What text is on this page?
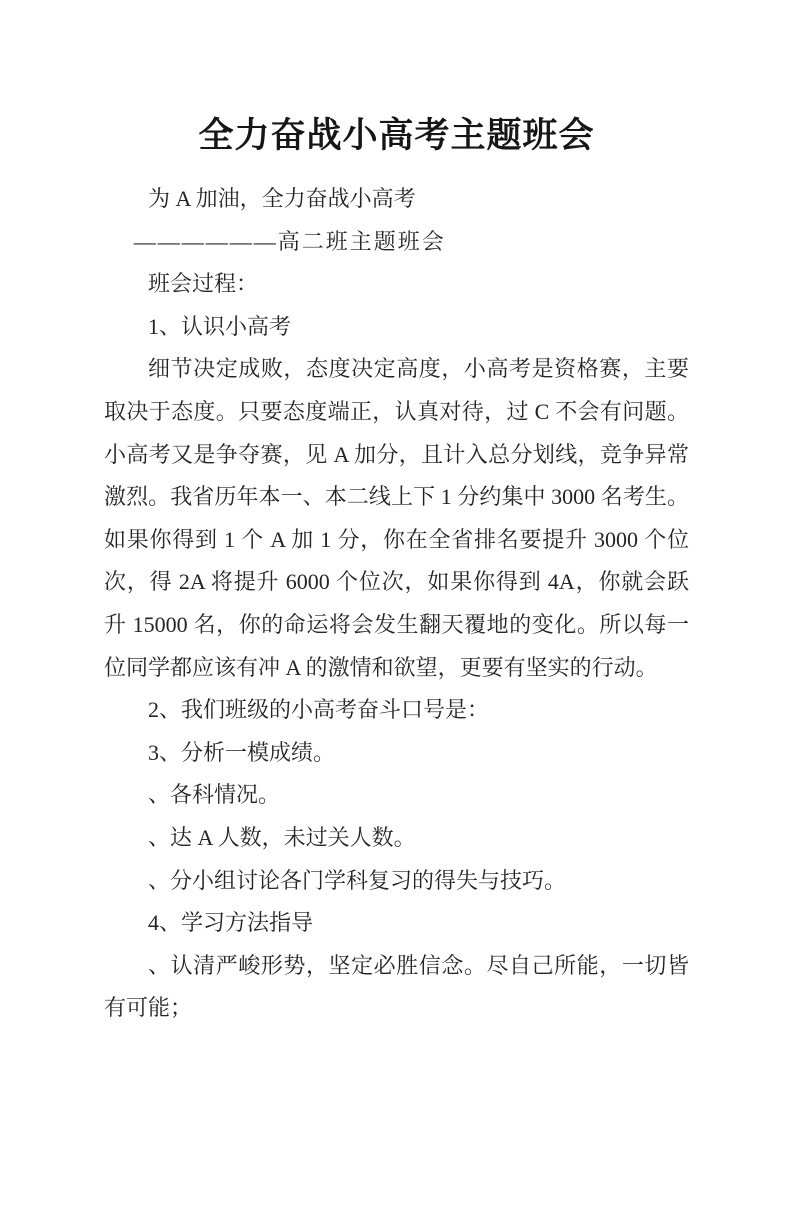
全力奋战小高考主题班会

为 A 加油，全力奋战小高考

——————高二班主题班会

班会过程：

1、认识小高考

细节决定成败，态度决定高度，小高考是资格赛，主要取决于态度。只要态度端正，认真对待，过 C 不会有问题。小高考又是争夺赛，见 A 加分，且计入总分划线，竞争异常激烈。我省历年本一、本二线上下 1 分约集中 3000 名考生。如果你得到 1 个 A 加 1 分，你在全省排名要提升 3000 个位次，得 2A 将提升 6000 个位次，如果你得到 4A，你就会跃升 15000 名，你的命运将会发生翻天覆地的变化。所以每一位同学都应该有冲 A 的激情和欲望，更要有坚实的行动。

2、我们班级的小高考奋斗口号是：

3、分析一模成绩。

、各科情况。

、达 A 人数，未过关人数。

、分小组讨论各门学科复习的得失与技巧。

4、学习方法指导

、认清严峻形势，坚定必胜信念。尽自己所能，一切皆有可能；
